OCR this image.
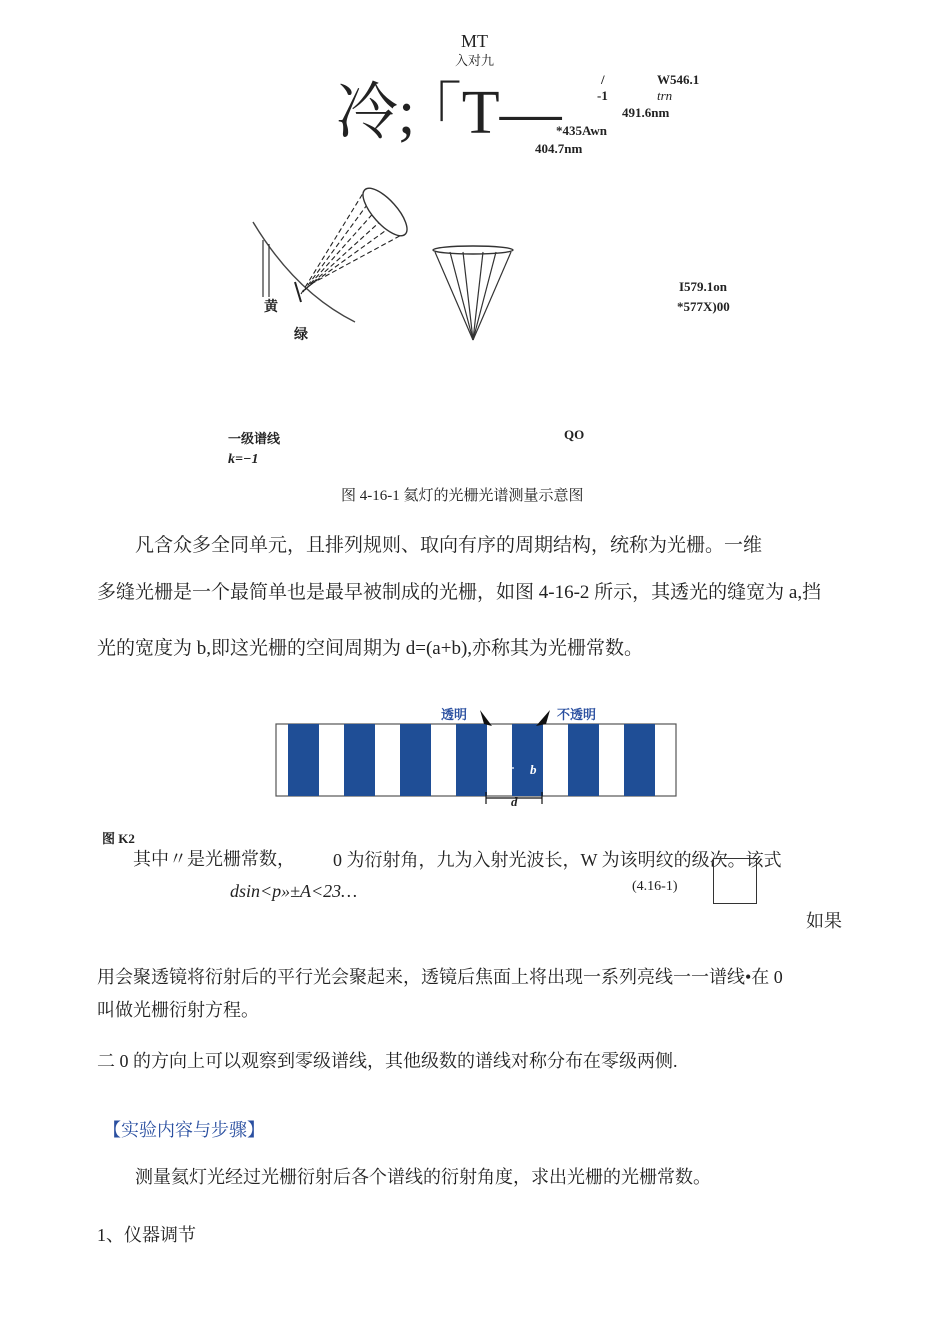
MT
入对九
冷; ｢T—	/
-1
W546.1
trn
491.6nm
*435Awn
404.7nm
黄
绿
I579.1on
*577X)00
一级谱线
k=−1
QO
图 4-16-1 氦灯的光栅光谱测量示意图
凡含众多全同单元，且排列规则、取向有序的周期结构，统称为光栅。一维
多缝光栅是一个最简单也是最早被制成的光栅，如图 4-16-2 所示，其透光的缝宽为 a,挡
光的宽度为 b,即这光栅的空间周期为 d=(a+b),亦称其为光栅常数。
透明	不透明
a b
d
图 K2
其中〃是光栅常数， 0 为衍射角，九为入射光波长，W 为该明纹的级次。该式
dsin<p»±A<23…	(4.16-1)
如果
用会聚透镜将衍射后的平行光会聚起来，透镜后焦面上将出现一系列亮线一一谱线•在 0
叫做光栅衍射方程。
二 0 的方向上可以观察到零级谱线，其他级数的谱线对称分布在零级两侧.
【实验内容与步骤】
测量氦灯光经过光栅衍射后各个谱线的衍射角度，求出光栅的光栅常数。
1、仪器调节
